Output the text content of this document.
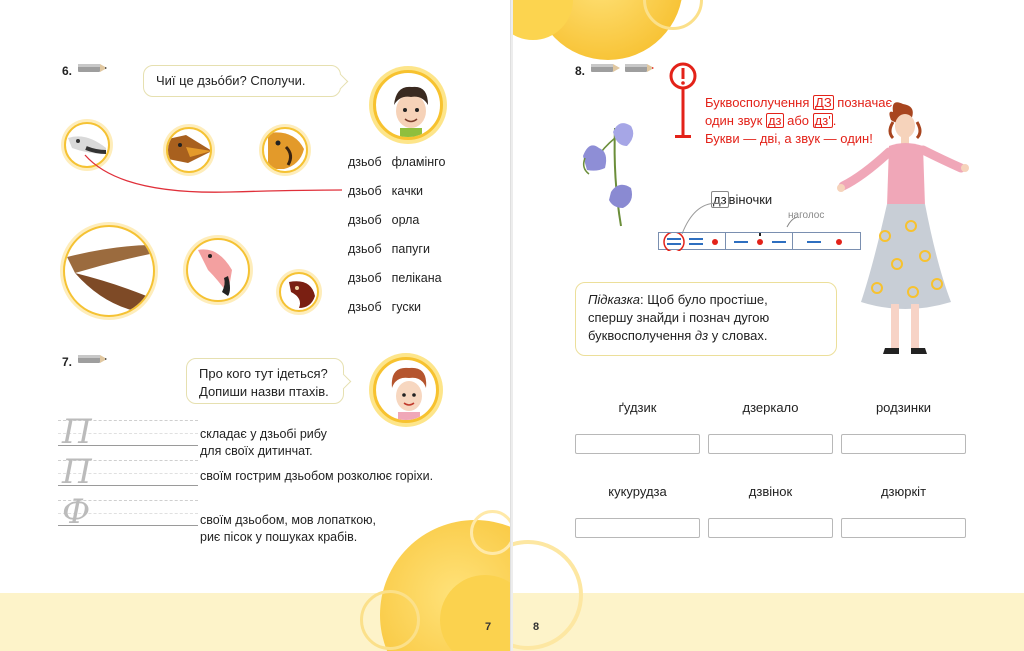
7
6.
Чиї це дзьо́би? Сполучи.
дзьоб фламінго
дзьоб качки
дзьоб орла
дзьоб папуги
дзьоб пелікана
дзьоб гуски
7.
Про кого тут ідеться?
Допиши назви птахів.
П	складає у дзьобі рибу
для своїх дитинчат.
П	своїм гострим дзьобом розколює горіхи.
Ф	своїм дзьобом, мов лопаткою,
риє пісок у пошуках крабів.
8
8.
Буквосполучення ДЗ позначає
один звук дз або дз' .
Букви — дві, а звук — один!
дз віночки
наголос
Підказка: Щоб було простіше,
спершу знайди і познач дугою
буквосполучення дз у словах.
ґудзик	дзеркало	родзинки
кукурудза	дзвінок	дзюркіт
